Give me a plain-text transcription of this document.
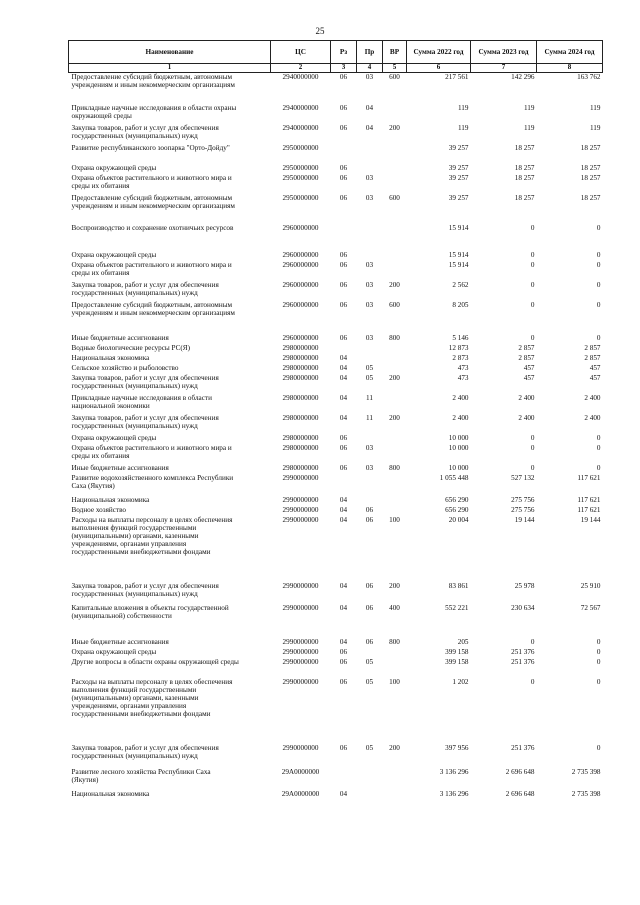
25
Наименование	ЦС	Рз	Пр	ВР	Сумма 2022 год	Сумма 2023 год	Сумма 2024 год
1	2	3	4	5	6	7	8
Предоставление субсидий бюджетным, автономным
учреждениям и иным некоммерческим организациям	2940000000	06	03	600	217 561	142 296	163 762
Прикладные научные исследования в области охраны
окружающей среды	2940000000	06	04		119	119	119
Закупка товаров, работ и услуг для обеспечения
государственных (муниципальных) нужд	2940000000	06	04	200	119	119	119
Развитие республиканского зоопарка "Орто-Дойду"	2950000000				39 257	18 257	18 257
Охрана окружающей среды	2950000000	06			39 257	18 257	18 257
Охрана объектов растительного и животного мира и
среды их обитания	2950000000	06	03		39 257	18 257	18 257
Предоставление субсидий бюджетным, автономным
учреждениям и иным некоммерческим организациям	2950000000	06	03	600	39 257	18 257	18 257
Воспроизводство и сохранение охотничьих ресурсов	2960000000				15 914	0	0
Охрана окружающей среды	2960000000	06			15 914	0	0
Охрана объектов растительного и животного мира и
среды их обитания	2960000000	06	03		15 914	0	0
Закупка товаров, работ и услуг для обеспечения
государственных (муниципальных) нужд	2960000000	06	03	200	2 562	0	0
Предоставление субсидий бюджетным, автономным
учреждениям и иным некоммерческим организациям	2960000000	06	03	600	8 205	0	0
Иные бюджетные ассигнования	2960000000	06	03	800	5 146	0	0
Водные биологические ресурсы РС(Я)	2980000000				12 873	2 857	2 857
Национальная экономика	2980000000	04			2 873	2 857	2 857
Сельское хозяйство и рыболовство	2980000000	04	05		473	457	457
Закупка товаров, работ и услуг для обеспечения
государственных (муниципальных) нужд	2980000000	04	05	200	473	457	457
Прикладные научные исследования в области
национальной экономики	2980000000	04	11		2 400	2 400	2 400
Закупка товаров, работ и услуг для обеспечения
государственных (муниципальных) нужд	2980000000	04	11	200	2 400	2 400	2 400
Охрана окружающей среды	2980000000	06			10 000	0	0
Охрана объектов растительного и животного мира и
среды их обитания	2980000000	06	03		10 000	0	0
Иные бюджетные ассигнования	2980000000	06	03	800	10 000	0	0
Развитие водохозяйственного комплекса Республики
Саха (Якутия)	2990000000				1 055 448	527 132	117 621
Национальная экономика	2990000000	04			656 290	275 756	117 621
Водное хозяйство	2990000000	04	06		656 290	275 756	117 621
Расходы на выплаты персоналу в целях обеспечения
выполнения функций государственными
(муниципальными) органами, казенными
учреждениями, органами управления
государственными внебюджетными фондами	2990000000	04	06	100	20 004	19 144	19 144
Закупка товаров, работ и услуг для обеспечения
государственных (муниципальных) нужд	2990000000	04	06	200	83 861	25 978	25 910
Капитальные вложения в объекты государственной
(муниципальной) собственности	2990000000	04	06	400	552 221	230 634	72 567
Иные бюджетные ассигнования	2990000000	04	06	800	205	0	0
Охрана окружающей среды	2990000000	06			399 158	251 376	0
Другие вопросы в области охраны окружающей среды	2990000000	06	05		399 158	251 376	0
Расходы на выплаты персоналу в целях обеспечения
выполнения функций государственными
(муниципальными) органами, казенными
учреждениями, органами управления
государственными внебюджетными фондами	2990000000	06	05	100	1 202	0	0
Закупка товаров, работ и услуг для обеспечения
государственных (муниципальных) нужд	2990000000	06	05	200	397 956	251 376	0
Развитие лесного хозяйства Республики Саха
(Якутия)	29А0000000				3 136 296	2 696 648	2 735 398
Национальная экономика	29А0000000	04			3 136 296	2 696 648	2 735 398
